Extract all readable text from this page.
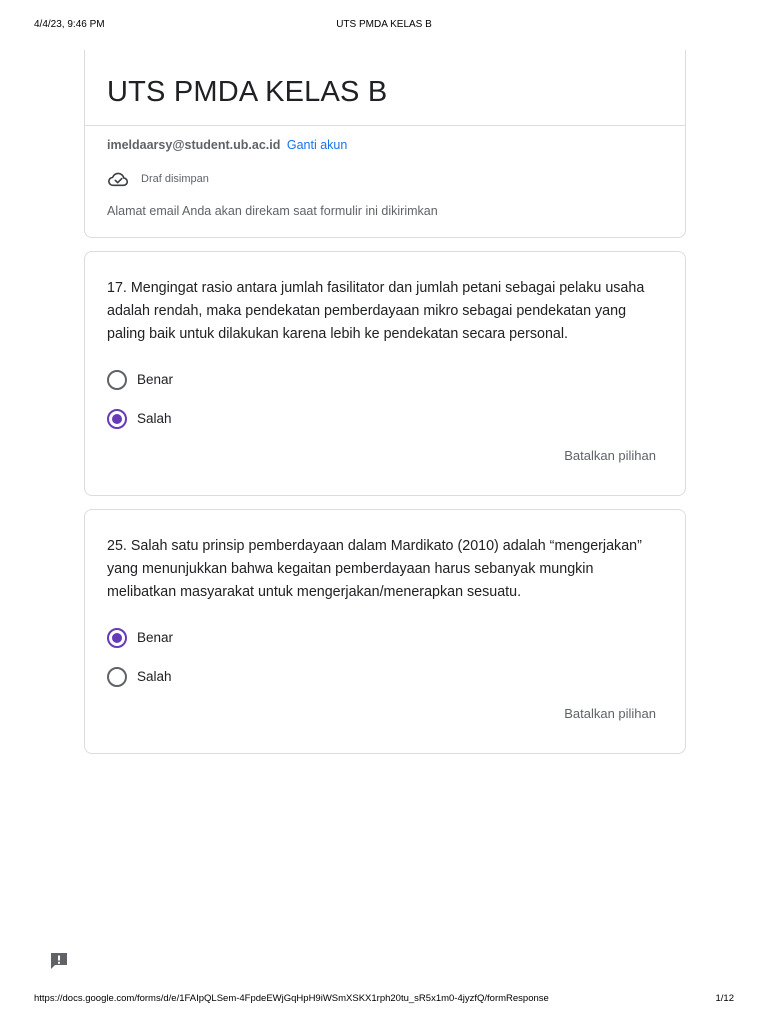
4/4/23, 9:46 PM	UTS PMDA KELAS B
UTS PMDA KELAS B
imeldaarsy@student.ub.ac.id Ganti akun
Draf disimpan
Alamat email Anda akan direkam saat formulir ini dikirimkan

17. Mengingat rasio antara jumlah fasilitator dan jumlah petani sebagai pelaku usaha adalah rendah, maka pendekatan pemberdayaan mikro sebagai pendekatan yang paling baik untuk dilakukan karena lebih ke pendekatan secara personal.

Benar
Salah
Batalkan pilihan

25. Salah satu prinsip pemberdayaan dalam Mardikato (2010) adalah “mengerjakan” yang menunjukkan bahwa kegaitan pemberdayaan harus sebanyak mungkin melibatkan masyarakat untuk mengerjakan/menerapkan sesuatu.

Benar
Salah
Batalkan pilihan
https://docs.google.com/forms/d/e/1FAIpQLSem-4FpdeEWjGqHpH9iWSmXSKX1rph20tu_sR5x1m0-4jyzfQ/formResponse	1/12
